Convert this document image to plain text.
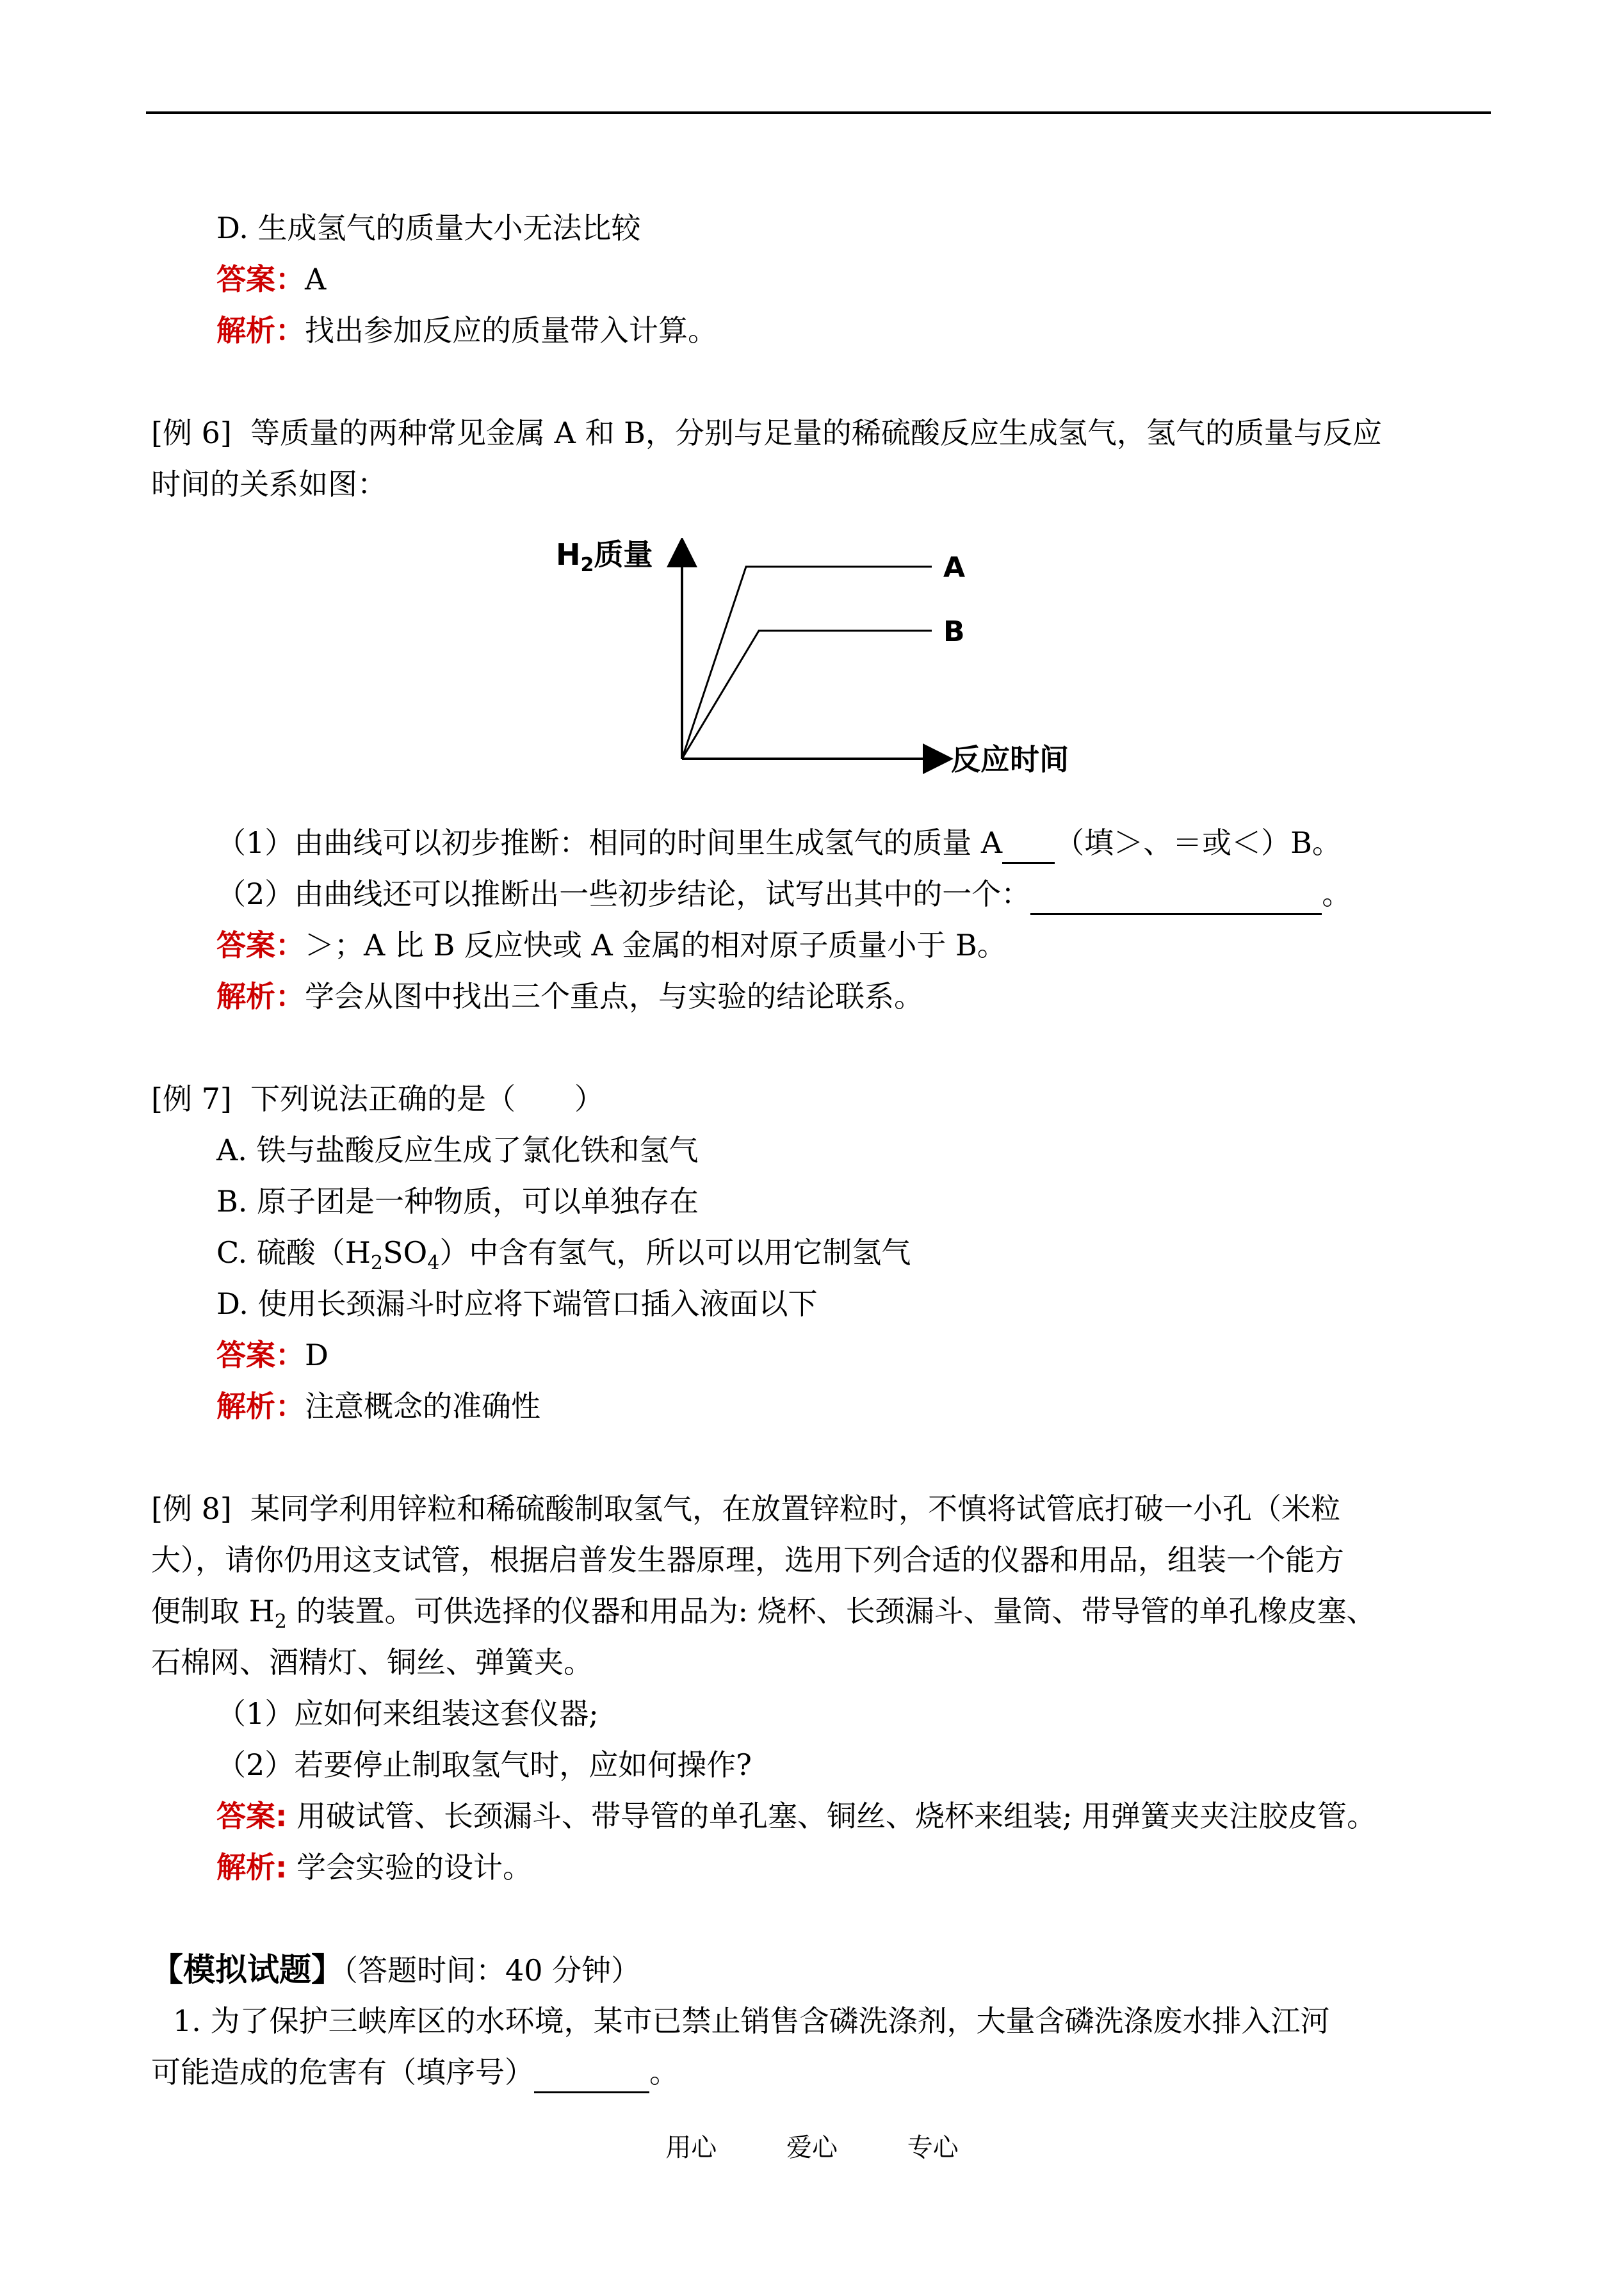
D. 生成氢气的质量大小无法比较
答案：A
解析：找出参加反应的质量带入计算。
[例 6] 等质量的两种常见金属 A 和 B，分别与足量的稀硫酸反应生成氢气，氢气的质量与反应
时间的关系如图：
$H_2$质量
反应时间
A
B
（1）由曲线可以初步推断：相同的时间里生成氢气的质量 A （填＞、＝或＜）B。
（2）由曲线还可以推断出一些初步结论，试写出其中的一个：	。
答案：＞；A 比 B 反应快或 A 金属的相对原子质量小于 B。
解析：学会从图中找出三个重点，与实验的结论联系。
[例 7] 下列说法正确的是（　　）
A. 铁与盐酸反应生成了氯化铁和氢气
B. 原子团是一种物质，可以单独存在
C. 硫酸$(H_2SO_4)$中含有氢气，所以可以用它制氢气
D. 使用长颈漏斗时应将下端管口插入液面以下
答案：D
解析：注意概念的准确性
[例 8] 某同学利用锌粒和稀硫酸制取氢气，在放置锌粒时，不慎将试管底打破一小孔（米粒
大），请你仍用这支试管，根据启普发生器原理，选用下列合适的仪器和用品，组装一个能方
便制取 $H_2$ 的装置。可供选择的仪器和用品为: 烧杯、长颈漏斗、量筒、带导管的单孔橡皮塞、
石棉网、酒精灯、铜丝、弹簧夹。
（1）应如何来组装这套仪器;
（2）若要停止制取氢气时，应如何操作?
答案: 用破试管、长颈漏斗、带导管的单孔塞、铜丝、烧杯来组装; 用弹簧夹夹注胶皮管。
解析: 学会实验的设计。
【模拟试题】（答题时间：40 分钟）
1. 为了保护三峡库区的水环境，某市已禁止销售含磷洗涤剂，大量含磷洗涤废水排入江河
可能造成的危害有（填序号）	。
用心	爱心	专心
